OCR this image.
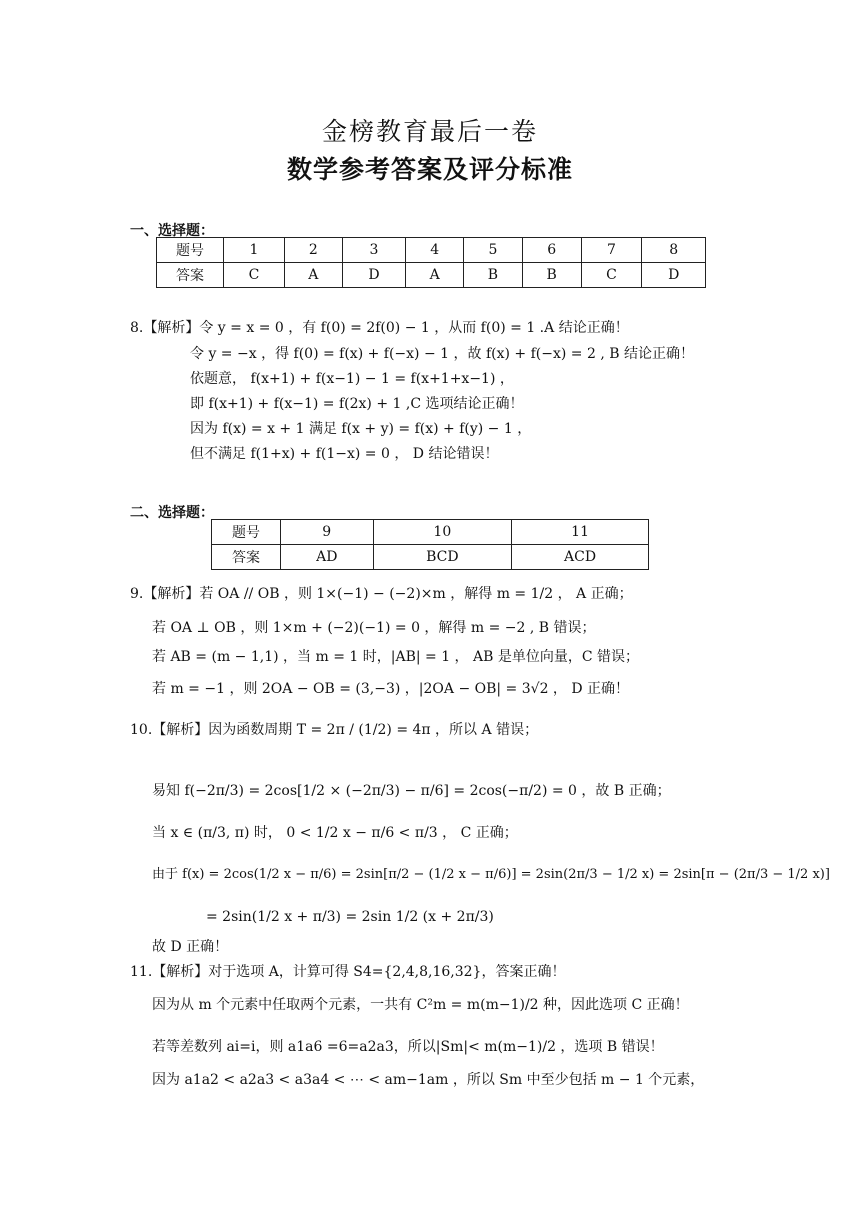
金榜教育最后一卷
数学参考答案及评分标准
一、选择题：
题号	1	2	3	4	5	6	7	8
答案	C	A	D	A	B	B	C	D
8.【解析】令 y = x = 0 ，有 f(0) = 2f(0) − 1 ，从而 f(0) = 1 .A 结论正确！
令 y = −x ，得 f(0) = f(x) + f(−x) − 1 ，故 f(x) + f(−x) = 2 , B 结论正确！
依题意， f(x+1) + f(x−1) − 1 = f(x+1+x−1) ，
即 f(x+1) + f(x−1) = f(2x) + 1 ,C 选项结论正确！
因为 f(x) = x + 1 满足 f(x + y) = f(x) + f(y) − 1 ，
但不满足 f(1+x) + f(1−x) = 0 ， D 结论错误！
二、选择题：
题号	9	10	11
答案	AD	BCD	ACD
9.【解析】若 OA // OB ，则 1×(−1) − (−2)×m ，解得 m = 1/2 ， A 正确；
若 OA ⊥ OB ，则 1×m + (−2)(−1) = 0 ，解得 m = −2 , B 错误；
若 AB = (m − 1,1) ，当 m = 1 时，|AB| = 1 ， AB 是单位向量，C 错误；
若 m = −1 ，则 2OA − OB = (3,−3) ，|2OA − OB| = 3√2 ， D 正确！
10.【解析】因为函数周期 T = 2π / (1/2) = 4π ，所以 A 错误；
易知 f(−2π/3) = 2cos[1/2 × (−2π/3) − π/6] = 2cos(−π/2) = 0 ，故 B 正确；
当 x ∈ (π/3, π) 时， 0 < 1/2 x − π/6 < π/3 ， C 正确；
由于 f(x) = 2cos(1/2 x − π/6) = 2sin[π/2 − (1/2 x − π/6)] = 2sin(2π/3 − 1/2 x) = 2sin[π − (2π/3 − 1/2 x)]
= 2sin(1/2 x + π/3) = 2sin 1/2 (x + 2π/3)
故 D 正确！
11.【解析】对于选项 A，计算可得 S4={2,4,8,16,32}，答案正确！
因为从 m 个元素中任取两个元素，一共有 C²m = m(m−1)/2 种，因此选项 C 正确！
若等差数列 ai=i，则 a1a6 =6=a2a3，所以|Sm|< m(m−1)/2 ，选项 B 错误！
因为 a1a2 < a2a3 < a3a4 < ⋯ < am−1am ，所以 Sm 中至少包括 m − 1 个元素，
